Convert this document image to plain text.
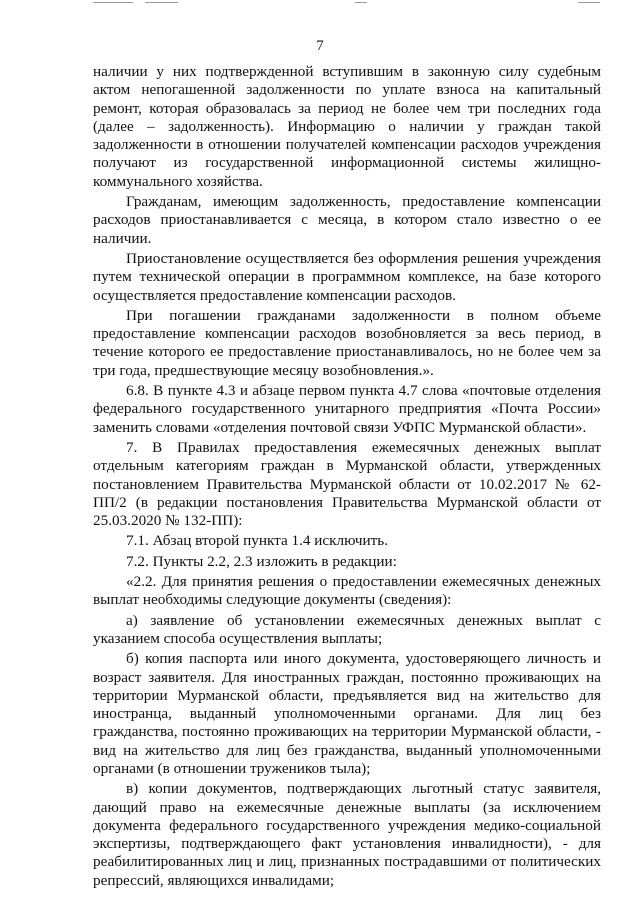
7

наличии у них подтвержденной вступившим в законную силу судебным актом непогашенной задолженности по уплате взноса на капитальный ремонт, которая образовалась за период не более чем три последних года (далее – задолженность). Информацию о наличии у граждан такой задолженности в отношении получателей компенсации расходов учреждения получают из государственной информационной системы жилищно-коммунального хозяйства.

Гражданам, имеющим задолженность, предоставление компенсации расходов приостанавливается с месяца, в котором стало известно о ее наличии.

Приостановление осуществляется без оформления решения учреждения путем технической операции в программном комплексе, на базе которого осуществляется предоставление компенсации расходов.

При погашении гражданами задолженности в полном объеме предоставление компенсации расходов возобновляется за весь период, в течение которого ее предоставление приостанавливалось, но не более чем за три года, предшествующие месяцу возобновления.».

6.8. В пункте 4.3 и абзаце первом пункта 4.7 слова «почтовые отделения федерального государственного унитарного предприятия «Почта России» заменить словами «отделения почтовой связи УФПС Мурманской области».

7. В Правилах предоставления ежемесячных денежных выплат отдельным категориям граждан в Мурманской области, утвержденных постановлением Правительства Мурманской области от 10.02.2017 № 62-ПП/2 (в редакции постановления Правительства Мурманской области от 25.03.2020 № 132-ПП):

7.1. Абзац второй пункта 1.4 исключить.

7.2. Пункты 2.2, 2.3 изложить в редакции:

«2.2. Для принятия решения о предоставлении ежемесячных денежных выплат необходимы следующие документы (сведения):

а) заявление об установлении ежемесячных денежных выплат с указанием способа осуществления выплаты;

б) копия паспорта или иного документа, удостоверяющего личность и возраст заявителя. Для иностранных граждан, постоянно проживающих на территории Мурманской области, предъявляется вид на жительство для иностранца, выданный уполномоченными органами. Для лиц без гражданства, постоянно проживающих на территории Мурманской области, - вид на жительство для лиц без гражданства, выданный уполномоченными органами (в отношении тружеников тыла);

в) копии документов, подтверждающих льготный статус заявителя, дающий право на ежемесячные денежные выплаты (за исключением документа федерального государственного учреждения медико-социальной экспертизы, подтверждающего факт установления инвалидности), - для реабилитированных лиц и лиц, признанных пострадавшими от политических репрессий, являющихся инвалидами;
